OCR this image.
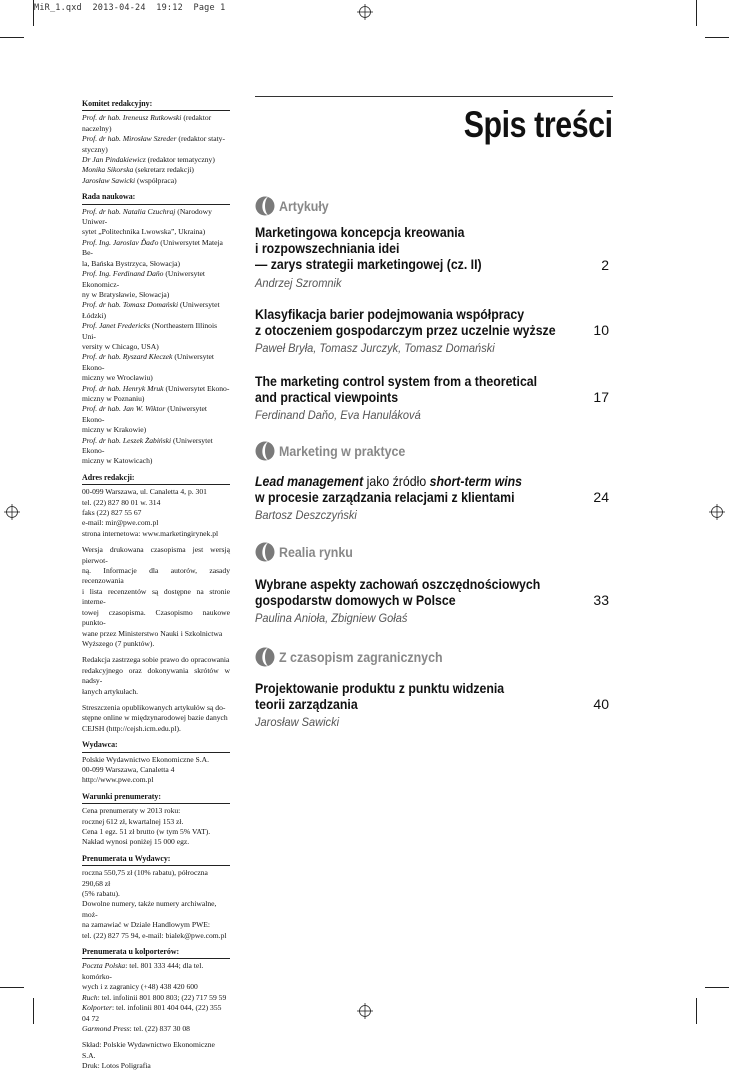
MiR_1.qxd  2013-04-24  19:12  Page 1
Komitet redakcyjny:
Prof. dr hab. Ireneusz Rutkowski (redaktor naczelny)
Prof. dr hab. Mirosław Szreder (redaktor staty-
styczny)
Dr Jan Pindakiewicz (redaktor tematyczny)
Monika Sikorska (sekretarz redakcji)
Jarosław Sawicki (współpraca)
Rada naukowa:
Prof. dr hab. Natalia Czuchraj (Narodowy Uniwer-
sytet „Politechnika Lwowska”, Ukraina)
Prof. Ing. Jaroslav Ďaďo (Uniwersytet Mateja Be-
la, Bańska Bystrzyca, Słowacja)
Prof. Ing. Ferdinand Daňo (Uniwersytet Ekonomicz-
ny w Bratysławie, Słowacja)
Prof. dr hab. Tomasz Domański (Uniwersytet Łódzki)
Prof. Janet Fredericks (Northeastern Illinois Uni-
versity w Chicago, USA)
Prof. dr hab. Ryszard Kłeczek (Uniwersytet Ekono-
miczny we Wrocławiu)
Prof. dr hab. Henryk Mruk (Uniwersytet Ekono-
miczny w Poznaniu)
Prof. dr hab. Jan W. Wiktor (Uniwersytet Ekono-
miczny w Krakowie)
Prof. dr hab. Leszek Żabiński (Uniwersytet Ekono-
miczny w Katowicach)
Adres redakcji:
00-099 Warszawa, ul. Canaletta 4, p. 301
tel. (22) 827 80 01 w. 314
faks (22) 827 55 67
e-mail: mir@pwe.com.pl
strona internetowa: www.marketingirynek.pl
Wersja drukowana czasopisma jest wersją pierwot-
ną. Informacje dla autorów, zasady recenzowania
i lista recenzentów są dostępne na stronie interne-
towej czasopisma. Czasopismo naukowe punkto-
wane przez Ministerstwo Nauki i Szkolnictwa
Wyższego (7 punktów).
Redakcja zastrzega sobie prawo do opracowania
redakcyjnego oraz dokonywania skrótów w nadsy-
łanych artykułach.
Streszczenia opublikowanych artykułów są do-
stępne online w międzynarodowej bazie danych
CEJSH (http://cejsh.icm.edu.pl).
Wydawca:
Polskie Wydawnictwo Ekonomiczne S.A.
00-099 Warszawa, Canaletta 4
http://www.pwe.com.pl
Warunki prenumeraty:
Cena prenumeraty w 2013 roku:
rocznej 612 zł, kwartalnej 153 zł.
Cena 1 egz. 51 zł brutto (w tym 5% VAT).
Nakład wynosi poniżej 15 000 egz.
Prenumerata u Wydawcy:
roczna 550,75 zł (10% rabatu), półroczna 290,68 zł
(5% rabatu).
Dowolne numery, także numery archiwalne, moż-
na zamawiać w Dziale Handlowym PWE:
tel. (22) 827 75 94, e-mail: bialek@pwe.com.pl
Prenumerata u kolporterów:
Poczta Polska: tel. 801 333 444; dla tel. komórko-
wych i z zagranicy (+48) 438 420 600
Ruch: tel. infolinii 801 800 803; (22) 717 59 59
Kolporter: tel. infolinii 801 404 044, (22) 355 04 72
Garmond Press: tel. (22) 837 30 08
Skład: Polskie Wydawnictwo Ekonomiczne S.A.
Druk: Lotos Poligrafia
Spis treści
Artykuły
Marketingowa koncepcja kreowania
i rozpowszechniania idei
— zarys strategii marketingowej (cz. II)	2
Andrzej Szromnik
Klasyfikacja barier podejmowania współpracy
z otoczeniem gospodarczym przez uczelnie wyższe	10
Paweł Bryła, Tomasz Jurczyk, Tomasz Domański
The marketing control system from a theoretical
and practical viewpoints	17
Ferdinand Daňo, Eva Hanuláková
Marketing w praktyce
Lead management jako źródło short-term wins
w procesie zarządzania relacjami z klientami	24
Bartosz Deszczyński
Realia rynku
Wybrane aspekty zachowań oszczędnościowych
gospodarstw domowych w Polsce	33
Paulina Anioła, Zbigniew Gołaś
Z czasopism zagranicznych
Projektowanie produktu z punktu widzenia
teorii zarządzania	40
Jarosław Sawicki
